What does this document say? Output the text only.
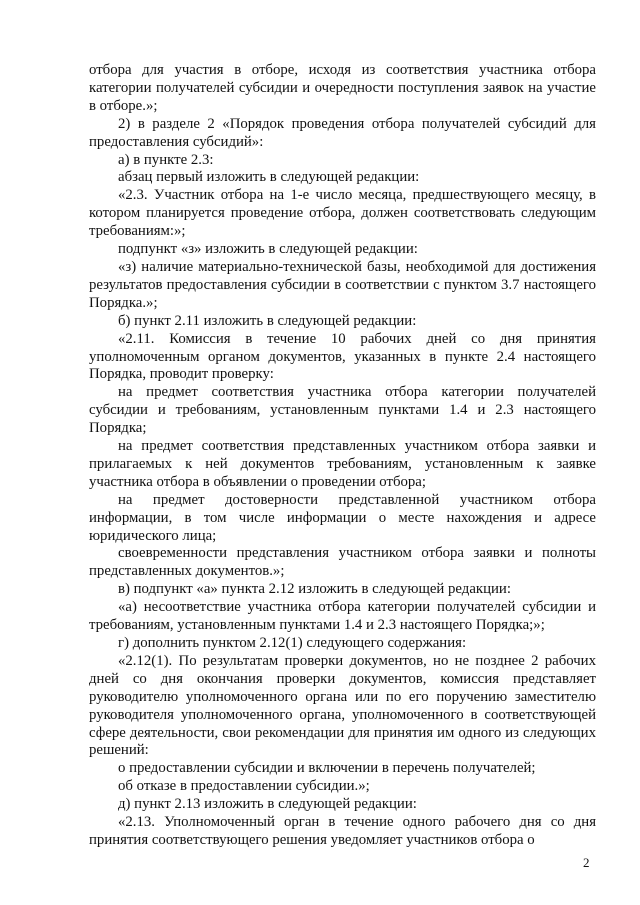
отбора для участия в отборе, исходя из соответствия участника отбора категории получателей субсидии и очередности поступления заявок на участие в отборе.»;

2) в разделе 2 «Порядок проведения отбора получателей субсидий для предоставления субсидий»:

а) в пункте 2.3:

абзац первый изложить в следующей редакции:

«2.3. Участник отбора на 1-е число месяца, предшествующего месяцу, в котором планируется проведение отбора, должен соответствовать следующим требованиям:»;

подпункт «з» изложить в следующей редакции:

«з) наличие материально-технической базы, необходимой для достижения результатов предоставления субсидии в соответствии с пунктом 3.7 настоящего Порядка.»;

б) пункт 2.11 изложить в следующей редакции:

«2.11. Комиссия в течение 10 рабочих дней со дня принятия уполномоченным органом документов, указанных в пункте 2.4 настоящего Порядка, проводит проверку:

на предмет соответствия участника отбора категории получателей субсидии и требованиям, установленным пунктами 1.4 и 2.3 настоящего Порядка;

на предмет соответствия представленных участником отбора заявки и прилагаемых к ней документов требованиям, установленным к заявке участника отбора в объявлении о проведении отбора;

на предмет достоверности представленной участником отбора информации, в том числе информации о месте нахождения и адресе юридического лица;

своевременности представления участником отбора заявки и полноты представленных документов.»;

в) подпункт «а» пункта 2.12 изложить в следующей редакции:

«а) несоответствие участника отбора категории получателей субсидии и требованиям, установленным пунктами 1.4 и 2.3 настоящего Порядка;»;

г) дополнить пунктом 2.12(1) следующего содержания:

«2.12(1). По результатам проверки документов, но не позднее 2 рабочих дней со дня окончания проверки документов, комиссия представляет руководителю уполномоченного органа или по его поручению заместителю руководителя уполномоченного органа, уполномоченного в соответствующей сфере деятельности, свои рекомендации для принятия им одного из следующих решений:

о предоставлении субсидии и включении в перечень получателей;

об отказе в предоставлении субсидии.»;

д) пункт 2.13 изложить в следующей редакции:

«2.13. Уполномоченный орган в течение одного рабочего дня со дня принятия соответствующего решения уведомляет участников отбора о

2
